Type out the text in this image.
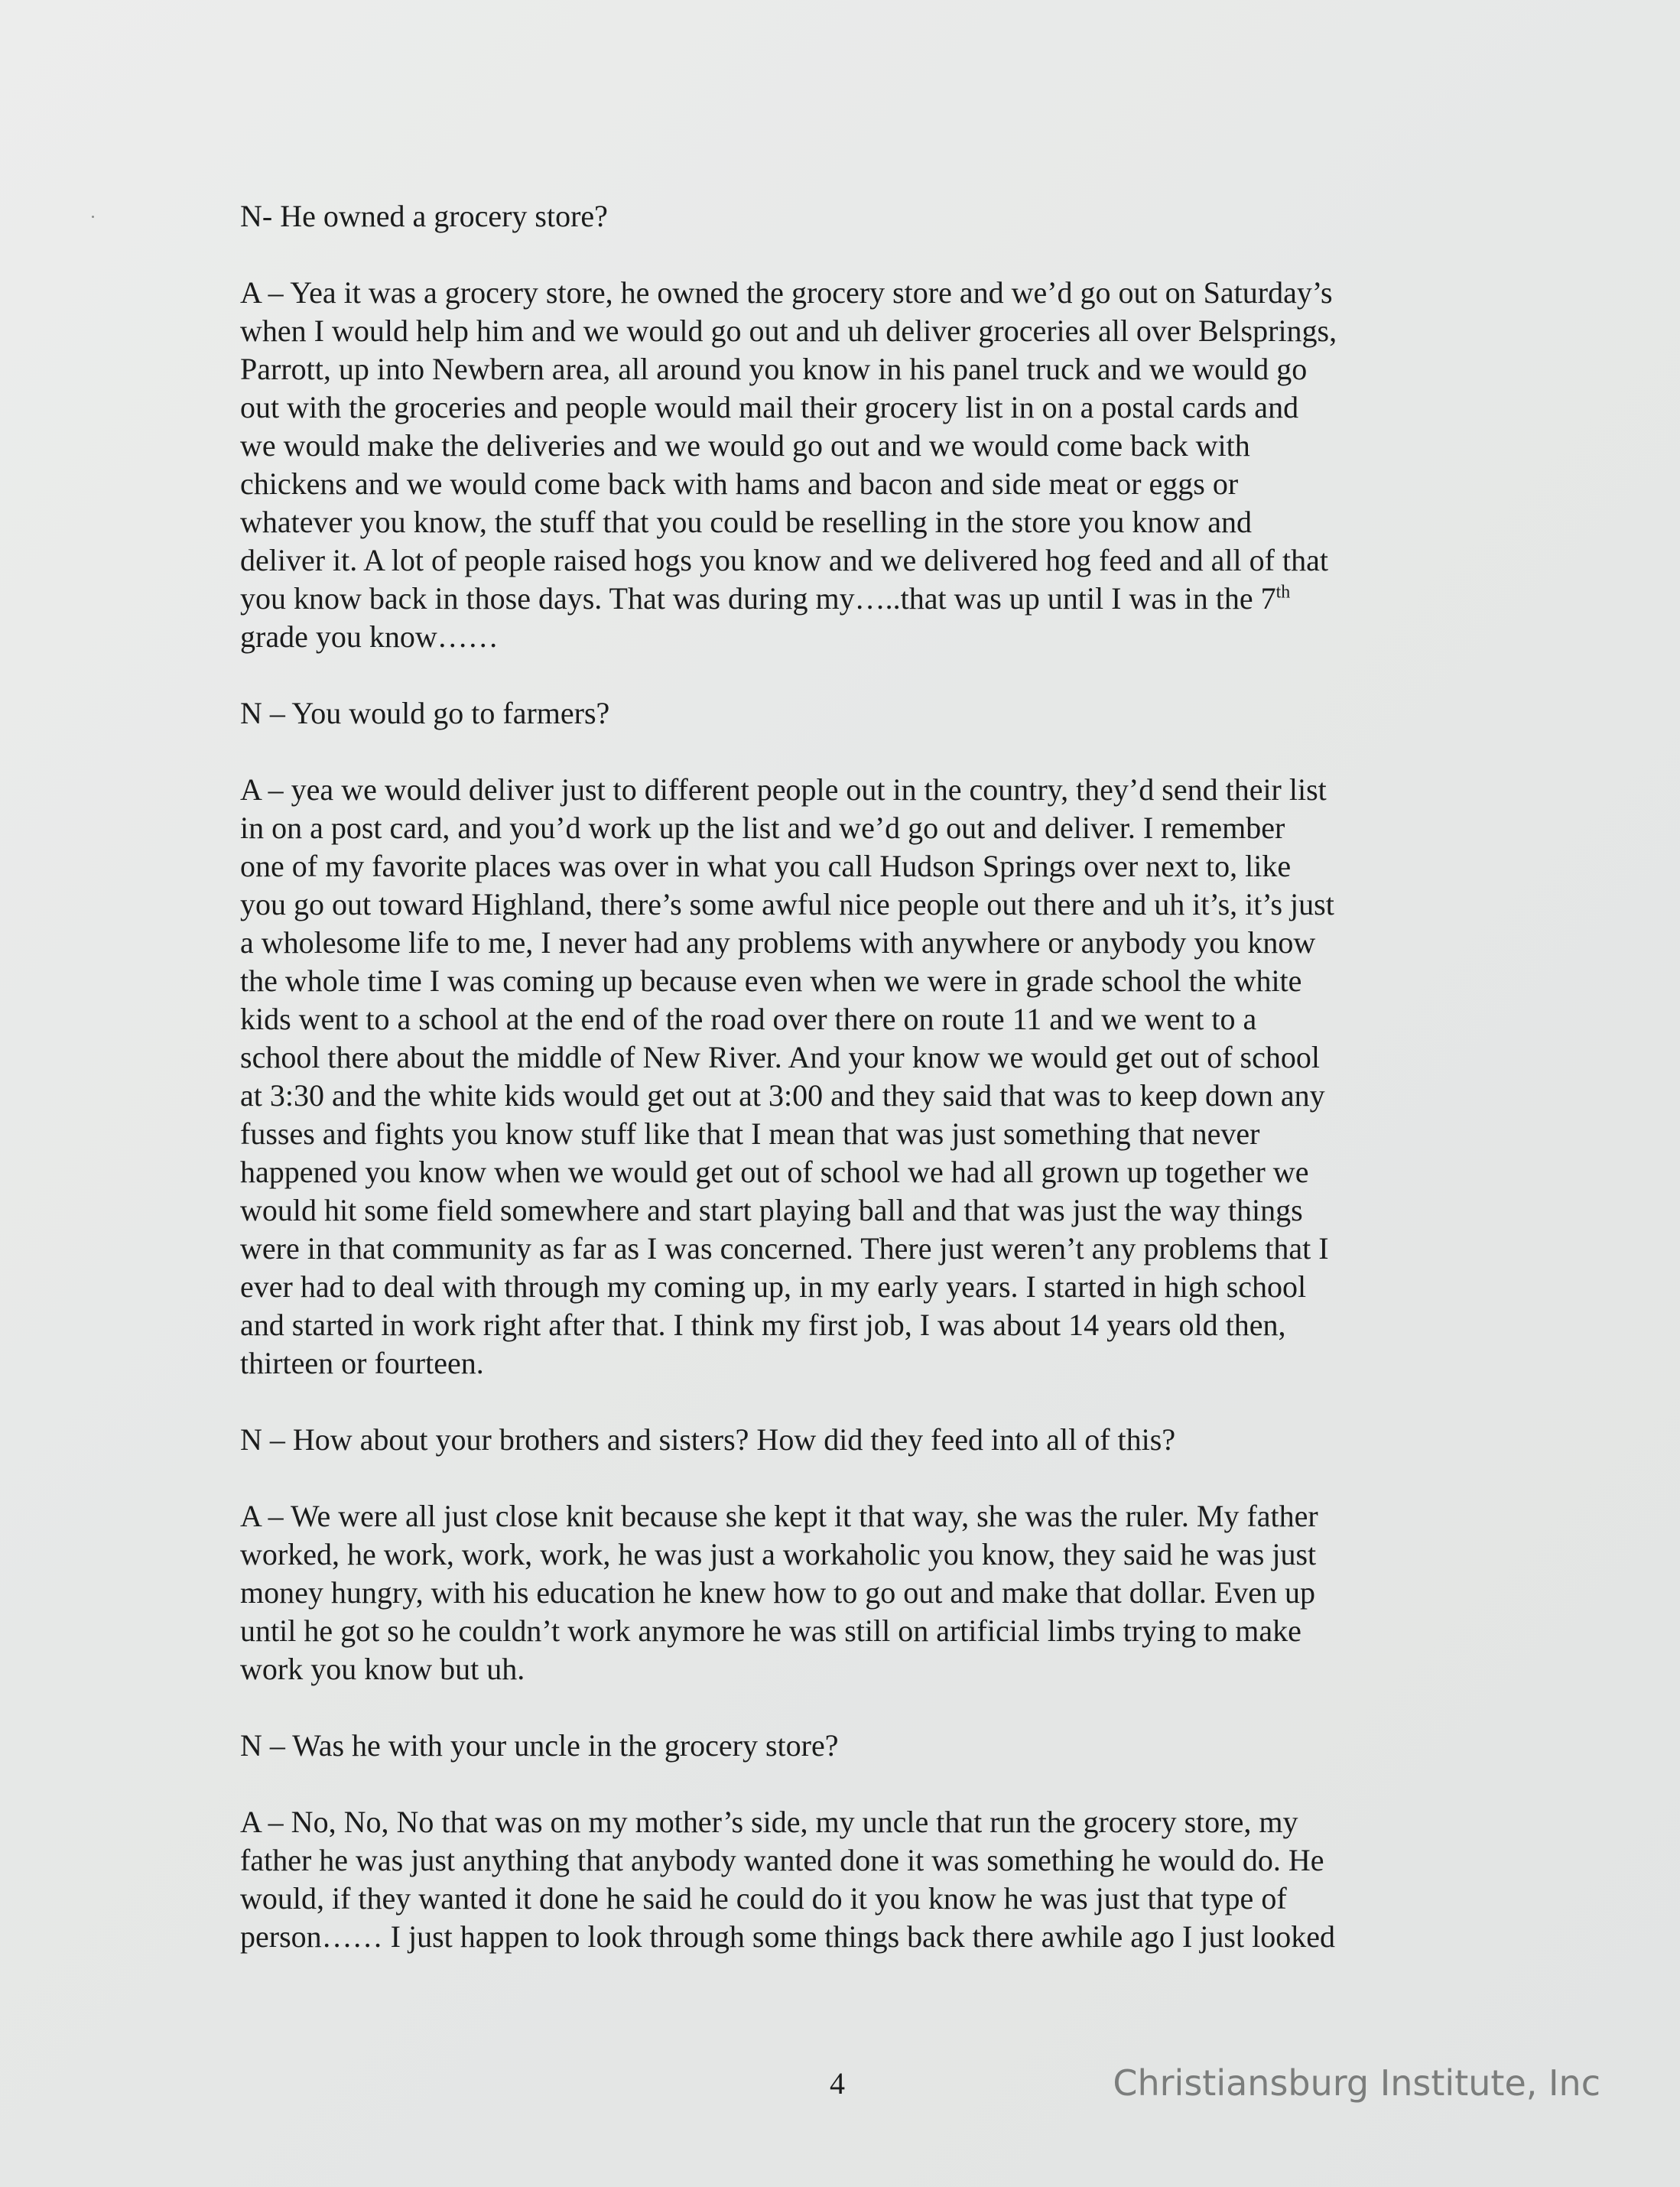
N- He owned a grocery store?

A – Yea it was a grocery store, he owned the grocery store and we’d go out on Saturday’s
when I would help him and we would go out and uh deliver groceries all over Belsprings,
Parrott, up into Newbern area, all around you know in his panel truck and we would go
out with the groceries and people would mail their grocery list in on a postal cards and
we would make the deliveries and we would go out and we would come back with
chickens and we would come back with hams and bacon and side meat or eggs or
whatever you know, the stuff that you could be reselling in the store you know and
deliver it. A lot of people raised hogs you know and we delivered hog feed and all of that
you know back in those days. That was during my…..that was up until I was in the 7th
grade you know……

N – You would go to farmers?

A – yea we would deliver just to different people out in the country, they’d send their list
in on a post card, and you’d work up the list and we’d go out and deliver. I remember
one of my favorite places was over in what you call Hudson Springs over next to, like
you go out toward Highland, there’s some awful nice people out there and uh it’s, it’s just
a wholesome life to me, I never had any problems with anywhere or anybody you know
the whole time I was coming up because even when we were in grade school the white
kids went to a school at the end of the road over there on route 11 and we went to a
school there about the middle of New River. And your know we would get out of school
at 3:30 and the white kids would get out at 3:00 and they said that was to keep down any
fusses and fights you know stuff like that I mean that was just something that never
happened you know when we would get out of school we had all grown up together we
would hit some field somewhere and start playing ball and that was just the way things
were in that community as far as I was concerned. There just weren’t any problems that I
ever had to deal with through my coming up, in my early years. I started in high school
and started in work right after that. I think my first job, I was about 14 years old then,
thirteen or fourteen.

N – How about your brothers and sisters? How did they feed into all of this?

A – We were all just close knit because she kept it that way, she was the ruler. My father
worked, he work, work, work, he was just a workaholic you know, they said he was just
money hungry, with his education he knew how to go out and make that dollar. Even up
until he got so he couldn’t work anymore he was still on artificial limbs trying to make
work you know but uh.

N – Was he with your uncle in the grocery store?

A – No, No, No that was on my mother’s side, my uncle that run the grocery store, my
father he was just anything that anybody wanted done it was something he would do. He
would, if they wanted it done he said he could do it you know he was just that type of
person…… I just happen to look through some things back there awhile ago I just looked

4	Christiansburg Institute, Inc
